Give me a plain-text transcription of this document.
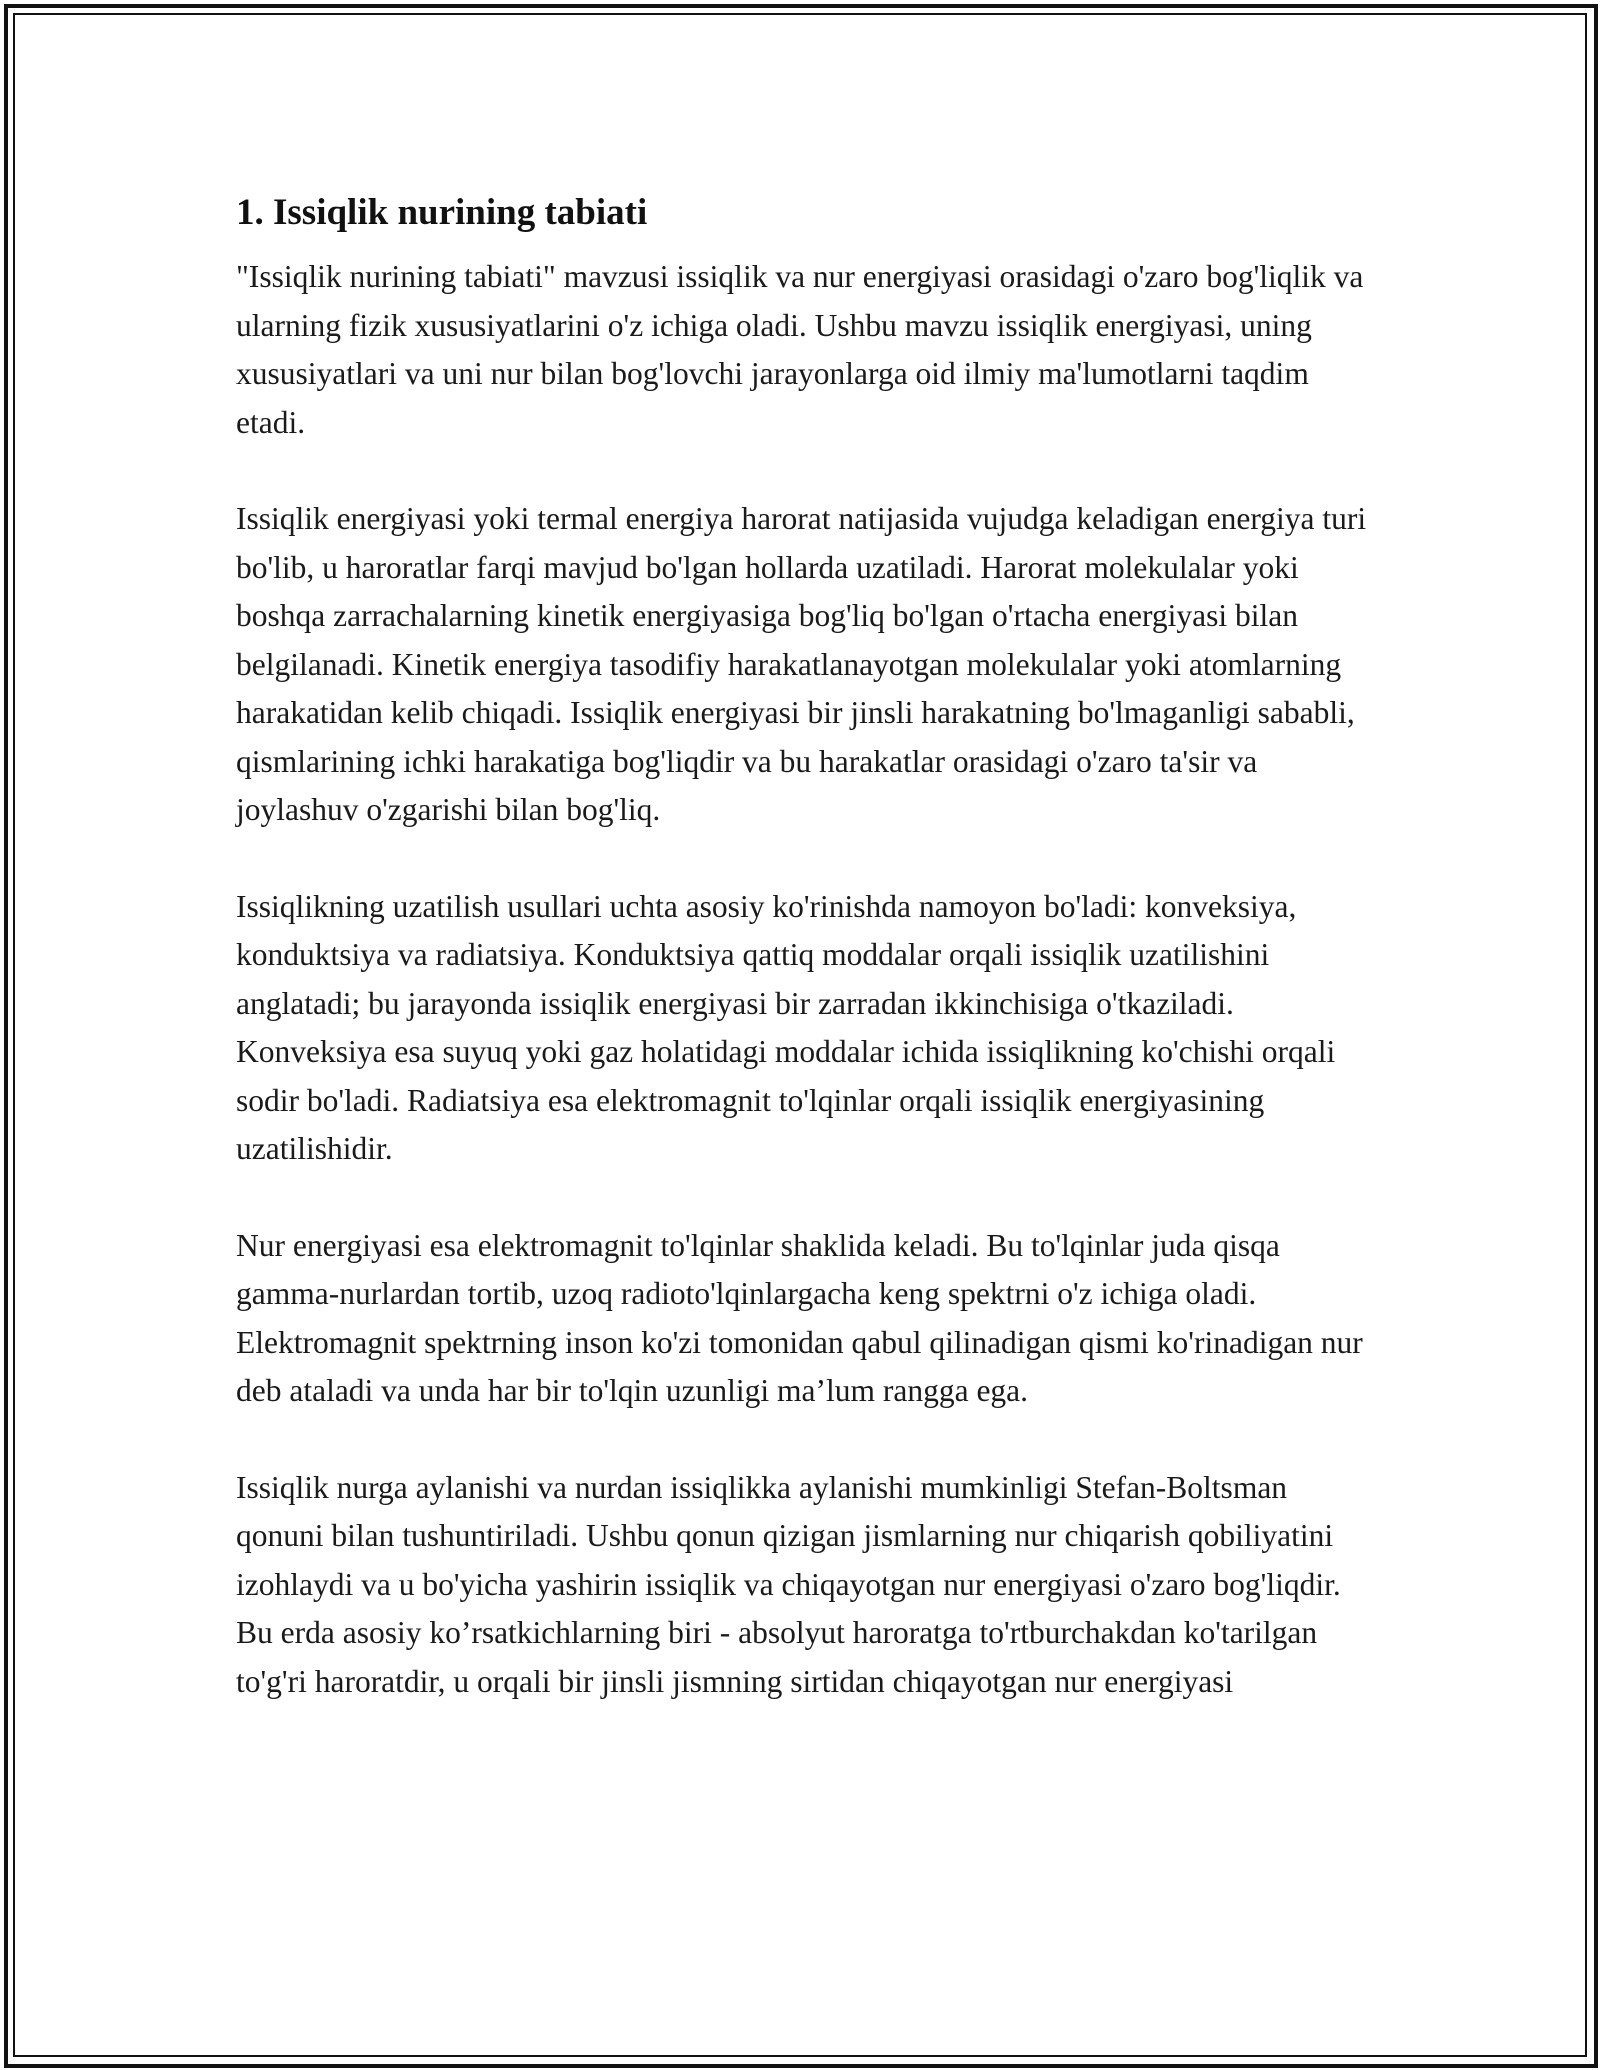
1. Issiqlik nurining tabiati

"Issiqlik nurining tabiati" mavzusi issiqlik va nur energiyasi orasidagi o'zaro bog'liqlik va ularning fizik xususiyatlarini o'z ichiga oladi. Ushbu mavzu issiqlik energiyasi, uning xususiyatlari va uni nur bilan bog'lovchi jarayonlarga oid ilmiy ma'lumotlarni taqdim etadi.

Issiqlik energiyasi yoki termal energiya harorat natijasida vujudga keladigan energiya turi bo'lib, u haroratlar farqi mavjud bo'lgan hollarda uzatiladi. Harorat molekulalar yoki boshqa zarrachalarning kinetik energiyasiga bog'liq bo'lgan o'rtacha energiyasi bilan belgilanadi. Kinetik energiya tasodifiy harakatlanayotgan molekulalar yoki atomlarning harakatidan kelib chiqadi. Issiqlik energiyasi bir jinsli harakatning bo'lmaganligi sababli, qismlarining ichki harakatiga bog'liqdir va bu harakatlar orasidagi o'zaro ta'sir va joylashuv o'zgarishi bilan bog'liq.

Issiqlikning uzatilish usullari uchta asosiy ko'rinishda namoyon bo'ladi: konveksiya, konduktsiya va radiatsiya. Konduktsiya qattiq moddalar orqali issiqlik uzatilishini anglatadi; bu jarayonda issiqlik energiyasi bir zarradan ikkinchisiga o'tkaziladi. Konveksiya esa suyuq yoki gaz holatidagi moddalar ichida issiqlikning ko'chishi orqali sodir bo'ladi. Radiatsiya esa elektromagnit to'lqinlar orqali issiqlik energiyasining uzatilishidir.

Nur energiyasi esa elektromagnit to'lqinlar shaklida keladi. Bu to'lqinlar juda qisqa gamma-nurlardan tortib, uzoq radioto'lqinlargacha keng spektrni o'z ichiga oladi. Elektromagnit spektrning inson ko'zi tomonidan qabul qilinadigan qismi ko'rinadigan nur deb ataladi va unda har bir to'lqin uzunligi ma’lum rangga ega.

Issiqlik nurga aylanishi va nurdan issiqlikka aylanishi mumkinligi Stefan-Boltsman qonuni bilan tushuntiriladi. Ushbu qonun qizigan jismlarning nur chiqarish qobiliyatini izohlaydi va u bo'yicha yashirin issiqlik va chiqayotgan nur energiyasi o'zaro bog'liqdir. Bu erda asosiy ko’rsatkichlarning biri - absolyut haroratga to'rtburchakdan ko'tarilgan to'g'ri haroratdir, u orqali bir jinsli jismning sirtidan chiqayotgan nur energiyasi
